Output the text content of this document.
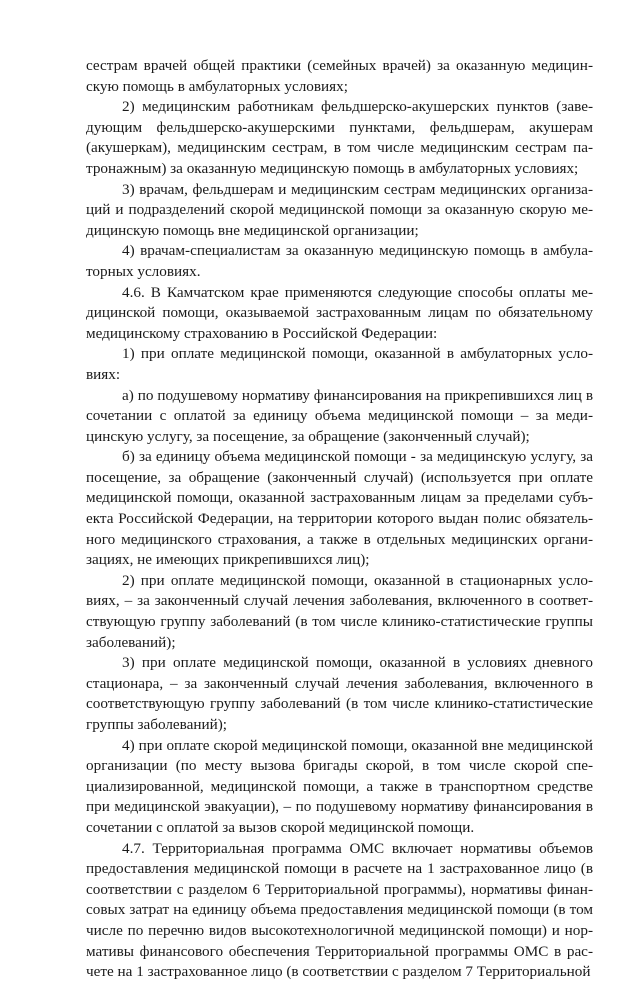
сестрам врачей общей практики (семейных врачей) за оказанную медицинскую помощь в амбулаторных условиях;

2) медицинским работникам фельдшерско-акушерских пунктов (заведующим фельдшерско-акушерскими пунктами, фельдшерам, акушерам (акушеркам), медицинским сестрам, в том числе медицинским сестрам патронажным) за оказанную медицинскую помощь в амбулаторных условиях;

3) врачам, фельдшерам и медицинским сестрам медицинских организаций и подразделений скорой медицинской помощи за оказанную скорую медицинскую помощь вне медицинской организации;

4) врачам-специалистам за оказанную медицинскую помощь в амбулаторных условиях.

4.6. В Камчатском крае применяются следующие способы оплаты медицинской помощи, оказываемой застрахованным лицам по обязательному медицинскому страхованию в Российской Федерации:

1) при оплате медицинской помощи, оказанной в амбулаторных условиях:

а) по подушевому нормативу финансирования на прикрепившихся лиц в сочетании с оплатой за единицу объема медицинской помощи – за медицинскую услугу, за посещение, за обращение (законченный случай);

б) за единицу объема медицинской помощи - за медицинскую услугу, за посещение, за обращение (законченный случай) (используется при оплате медицинской помощи, оказанной застрахованным лицам за пределами субъекта Российской Федерации, на территории которого выдан полис обязательного медицинского страхования, а также в отдельных медицинских организациях, не имеющих прикрепившихся лиц);

2) при оплате медицинской помощи, оказанной в стационарных условиях, – за законченный случай лечения заболевания, включенного в соответствующую группу заболеваний (в том числе клинико-статистические группы заболеваний);

3) при оплате медицинской помощи, оказанной в условиях дневного стационара, – за законченный случай лечения заболевания, включенного в соответствующую группу заболеваний (в том числе клинико-статистические группы заболеваний);

4) при оплате скорой медицинской помощи, оказанной вне медицинской организации (по месту вызова бригады скорой, в том числе скорой специализированной, медицинской помощи, а также в транспортном средстве при медицинской эвакуации), – по подушевому нормативу финансирования в сочетании с оплатой за вызов скорой медицинской помощи.

4.7. Территориальная программа ОМС включает нормативы объемов предоставления медицинской помощи в расчете на 1 застрахованное лицо (в соответствии с разделом 6 Территориальной программы), нормативы финансовых затрат на единицу объема предоставления медицинской помощи (в том числе по перечню видов высокотехнологичной медицинской помощи) и нормативы финансового обеспечения Территориальной программы ОМС в расчете на 1 застрахованное лицо (в соответствии с разделом 7 Территориальной
